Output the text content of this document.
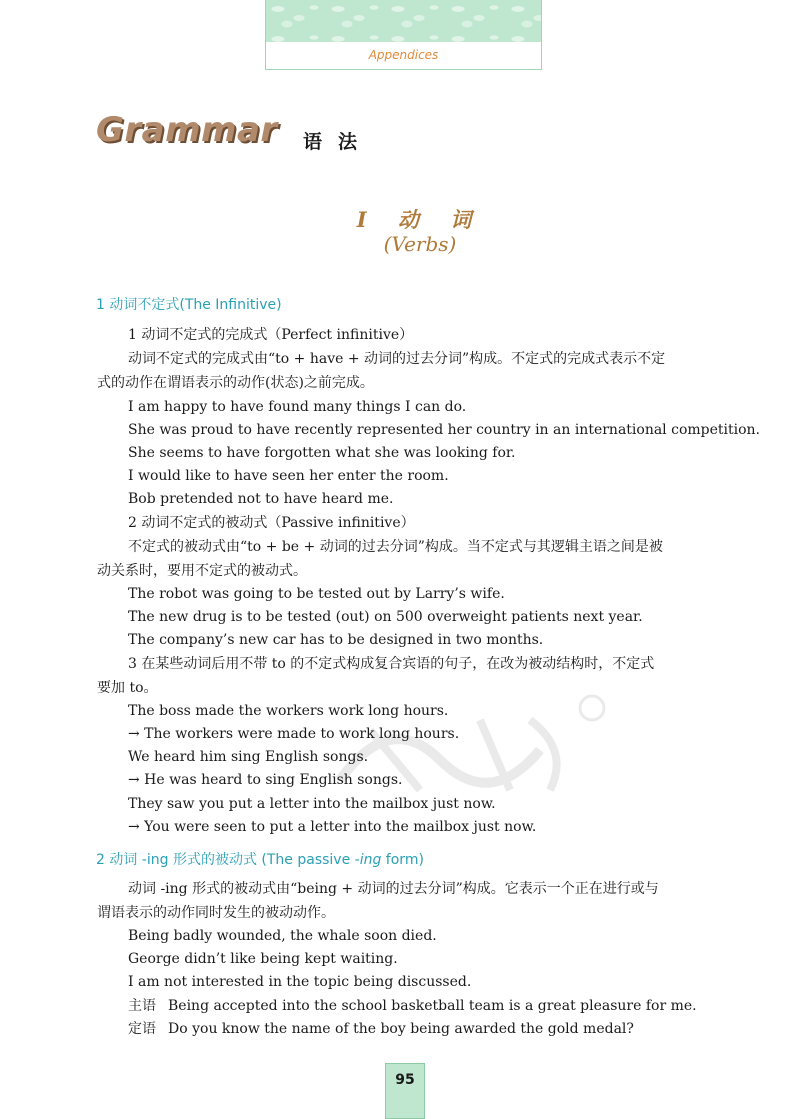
Appendices
Grammar 语法
I 动 词
(Verbs)
1 动词不定式(The Infinitive)
1 动词不定式的完成式（Perfect infinitive）
动词不定式的完成式由“to + have + 动词的过去分词”构成。不定式的完成式表示不定
式的动作在谓语表示的动作(状态)之前完成。
I am happy to have found many things I can do.
She was proud to have recently represented her country in an international competition.
She seems to have forgotten what she was looking for.
I would like to have seen her enter the room.
Bob pretended not to have heard me.
2 动词不定式的被动式（Passive infinitive）
不定式的被动式由“to + be + 动词的过去分词”构成。当不定式与其逻辑主语之间是被
动关系时，要用不定式的被动式。
The robot was going to be tested out by Larry’s wife.
The new drug is to be tested (out) on 500 overweight patients next year.
The company’s new car has to be designed in two months.
3 在某些动词后用不带 to 的不定式构成复合宾语的句子，在改为被动结构时，不定式
要加 to。
The boss made the workers work long hours.
→ The workers were made to work long hours.
We heard him sing English songs.
→ He was heard to sing English songs.
They saw you put a letter into the mailbox just now.
→ You were seen to put a letter into the mailbox just now.
2 动词 -ing 形式的被动式 (The passive -ing form)
动词 -ing 形式的被动式由“being + 动词的过去分词”构成。它表示一个正在进行或与
谓语表示的动作同时发生的被动动作。
Being badly wounded, the whale soon died.
George didn’t like being kept waiting.
I am not interested in the topic being discussed.
主语 Being accepted into the school basketball team is a great pleasure for me.
定语 Do you know the name of the boy being awarded the gold medal?
95
